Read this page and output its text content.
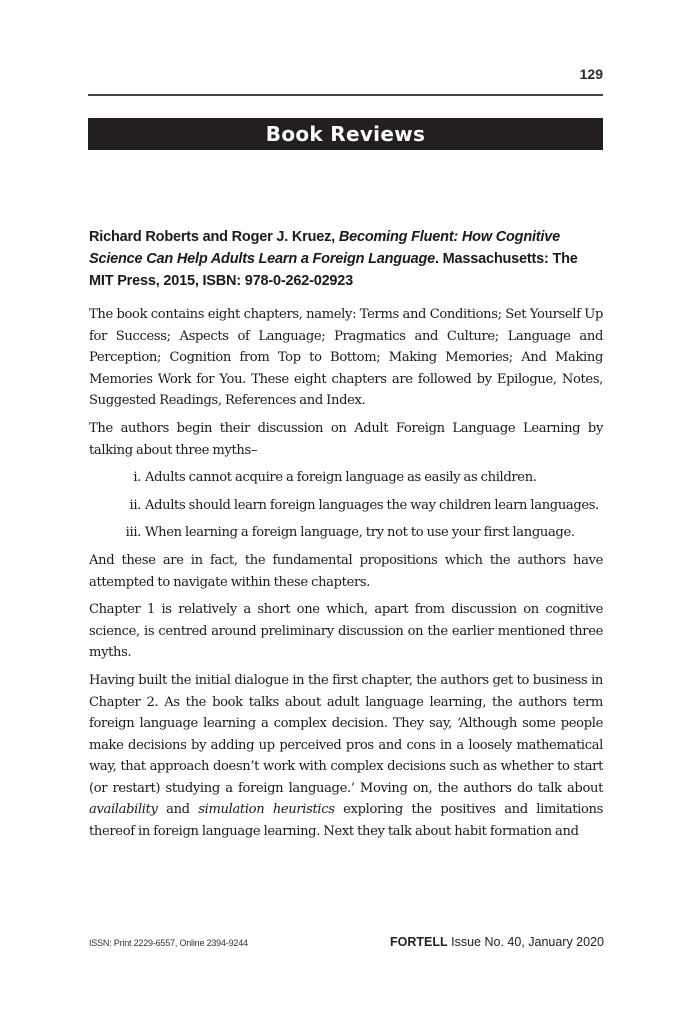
129
Book Reviews
Richard Roberts and Roger J. Kruez, Becoming Fluent: How Cognitive Science Can Help Adults Learn a Foreign Language. Massachusetts: The MIT Press, 2015, ISBN: 978-0-262-02923

The book contains eight chapters, namely: Terms and Conditions; Set Yourself Up for Success; Aspects of Language; Pragmatics and Culture; Language and Perception; Cognition from Top to Bottom; Making Memories; And Making Memories Work for You. These eight chapters are followed by Epilogue, Notes, Suggested Readings, References and Index.

The authors begin their discussion on Adult Foreign Language Learning by talking about three myths–

i. Adults cannot acquire a foreign language as easily as children.
ii. Adults should learn foreign languages the way children learn languages.
iii. When learning a foreign language, try not to use your first language.

And these are in fact, the fundamental propositions which the authors have attempted to navigate within these chapters.

Chapter 1 is relatively a short one which, apart from discussion on cognitive science, is centred around preliminary discussion on the earlier mentioned three myths.

Having built the initial dialogue in the first chapter, the authors get to business in Chapter 2. As the book talks about adult language learning, the authors term foreign language learning a complex decision. They say, ‘Although some people make decisions by adding up perceived pros and cons in a loosely mathematical way, that approach doesn’t work with complex decisions such as whether to start (or restart) studying a foreign language.’ Moving on, the authors do talk about availability and simulation heuristics exploring the positives and limitations thereof in foreign language learning. Next they talk about habit formation and

ISSN: Print 2229-6557, Online 2394-9244	FORTELL Issue No. 40, January 2020
